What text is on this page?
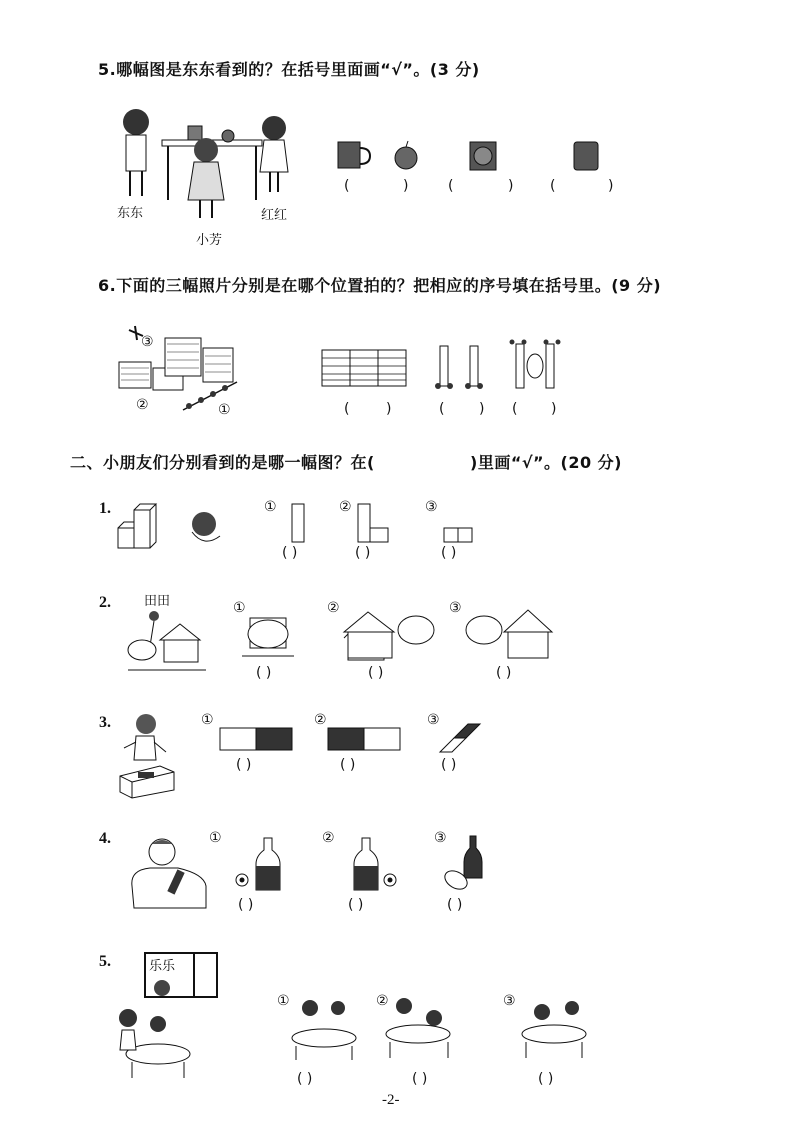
5.哪幅图是东东看到的？在括号里面画“√”。(3 分)
东东
小芳
红红
(	)	(	)	(	)
6.下面的三幅照片分别是在哪个位置拍的？把相应的序号填在括号里。(9 分)
③
②	①	(	)	( ) ( )
二、小朋友们分别看到的是哪一幅图？在(	)里画“√”。(20 分)
1.	①	②	③
( )	( )	( )
2.	田田	①	②	③
( )	( )	( )
3.	①	②	③
( )	( )	( )
4.	①	②	③
( )	( )	( )
5.	乐乐
①	②	③
( )	( )	( )
-2-
